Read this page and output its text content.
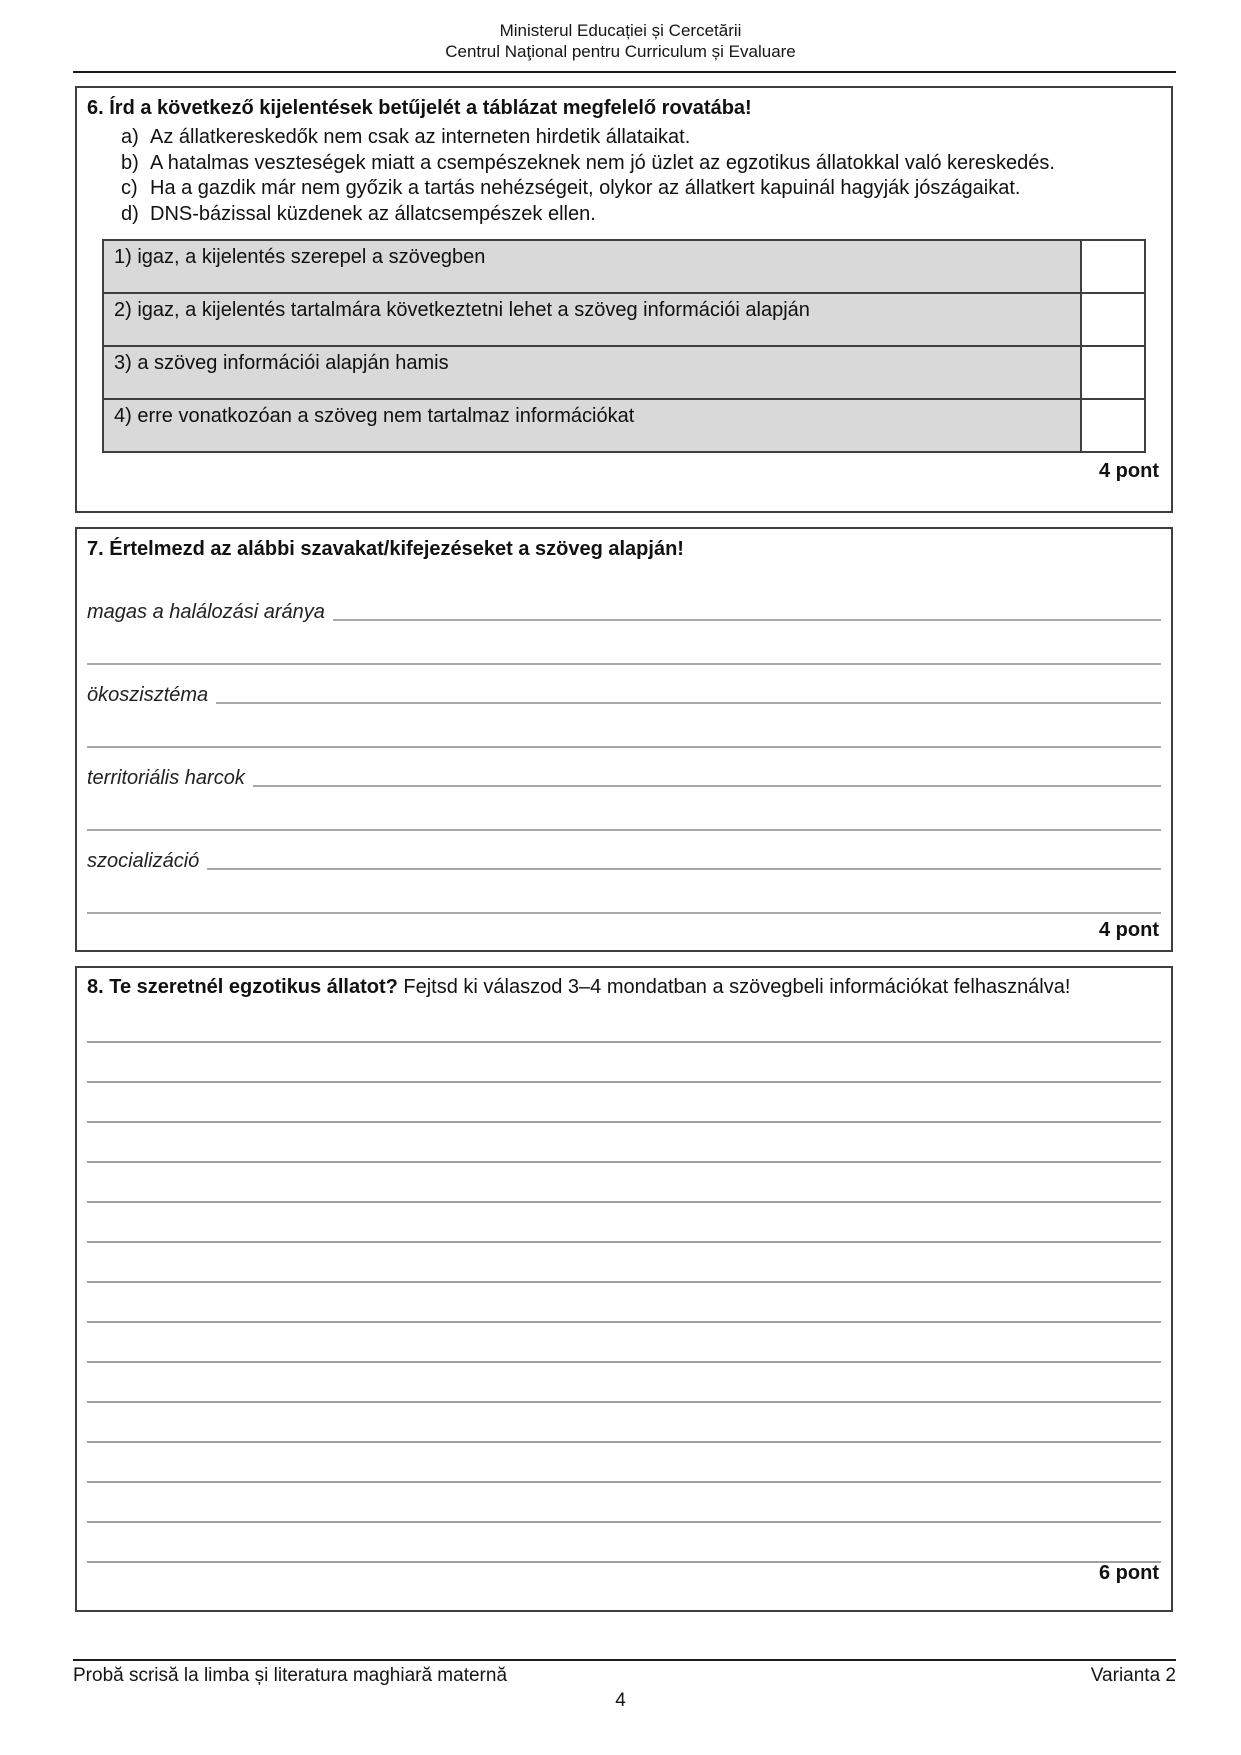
Ministerul Educației și Cercetării
Centrul Naţional pentru Curriculum și Evaluare
6. Írd a következő kijelentések betűjelét a táblázat megfelelő rovatába!
a) Az állatkereskedők nem csak az interneten hirdetik állataikat.
b) A hatalmas veszteségek miatt a csempészeknek nem jó üzlet az egzotikus állatokkal való kereskedés.
c) Ha a gazdik már nem győzik a tartás nehézségeit, olykor az állatkert kapuinál hagyják jószágaikat.
d) DNS-bázissal küzdenek az állatcsempészek ellen.
1) igaz, a kijelentés szerepel a szövegben	
2) igaz, a kijelentés tartalmára következtetni lehet a szöveg információi alapján	
3) a szöveg információi alapján hamis	
4) erre vonatkozóan a szöveg nem tartalmaz információkat	
4 pont
7. Értelmezd az alábbi szavakat/kifejezéseket a szöveg alapján!
magas a halálozási aránya
ökoszisztéma
territoriális harcok
szocializáció
4 pont
8. Te szeretnél egzotikus állatot? Fejtsd ki válaszod 3–4 mondatban a szövegbeli információkat felhasználva!
6 pont
Probă scrisă la limba și literatura maghiară maternă	Varianta 2
4
